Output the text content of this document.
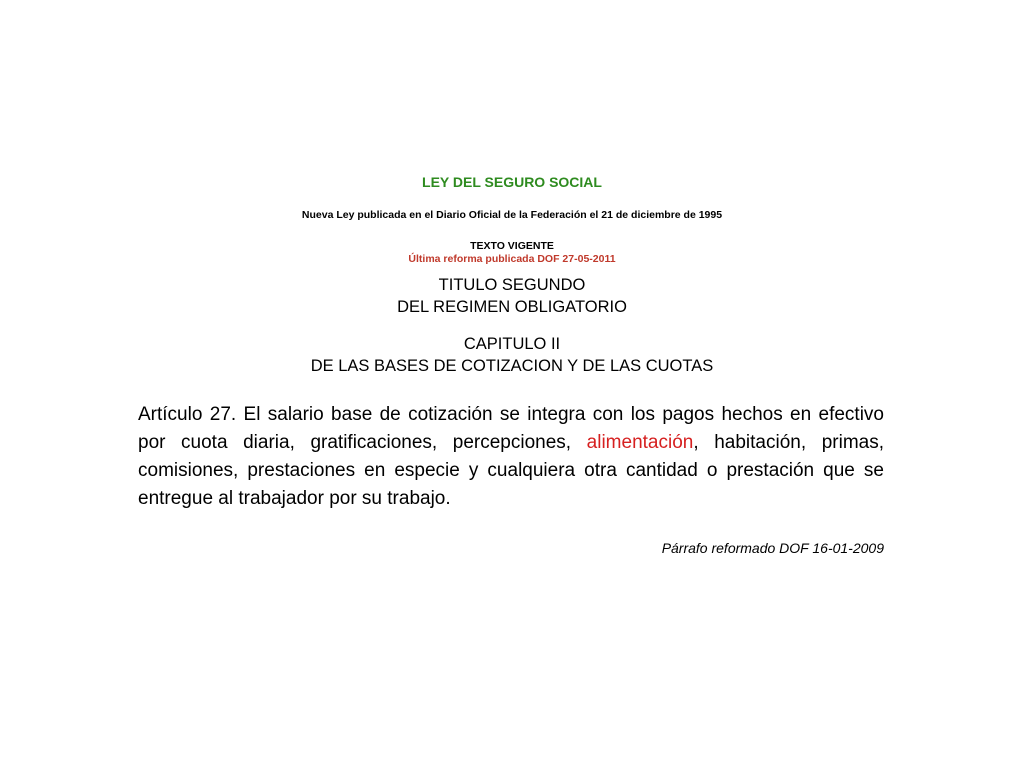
LEY DEL SEGURO SOCIAL
Nueva Ley publicada en el Diario Oficial de la Federación el 21 de diciembre de 1995
TEXTO VIGENTE
Última reforma publicada DOF 27-05-2011
TITULO SEGUNDO
DEL REGIMEN OBLIGATORIO
CAPITULO II
DE LAS BASES DE COTIZACION Y DE LAS CUOTAS
Artículo 27. El salario base de cotización se integra con los pagos hechos en efectivo por cuota diaria, gratificaciones, percepciones, alimentación, habitación, primas, comisiones, prestaciones en especie y cualquiera otra cantidad o prestación que se entregue al trabajador por su trabajo.
Párrafo reformado DOF 16-01-2009
